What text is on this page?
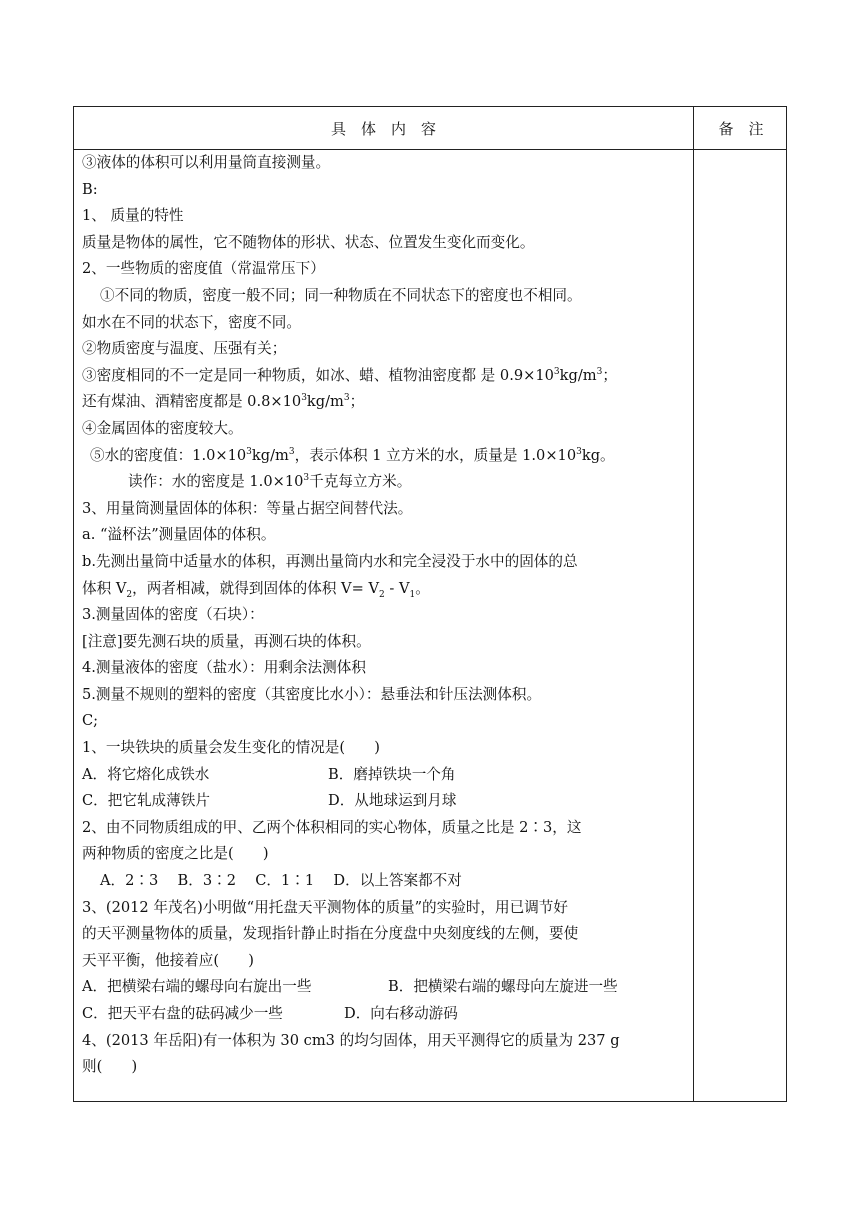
具　体　内　容	备　注
③液体的体积可以利用量筒直接测量。
B:
1、 质量的特性
质量是物体的属性，它不随物体的形状、状态、位置发生变化而变化。
2、一些物质的密度值（常温常压下）
①不同的物质，密度一般不同；同一种物质在不同状态下的密度也不相同。
如水在不同的状态下，密度不同。
②物质密度与温度、压强有关；
③密度相同的不一定是同一种物质，如冰、蜡、植物油密度都 是 $0.9\times 10^3kg/m^3$；
还有煤油、酒精密度都是 $0.8\times 10^3kg/m^3$；
④金属固体的密度较大。
⑤水的密度值：$1.0\times 10^3kg/m^3$，表示体积 1 立方米的水，质量是 $1.0\times 10^3kg$。
读作：水的密度是 $1.0\times 10^3$千克每立方米。
3、用量筒测量固体的体积：等量占据空间替代法。
a. “溢杯法”测量固体的体积。
b.先测出量筒中适量水的体积，再测出量筒内水和完全浸没于水中的固体的总
体积 $V_2$，两者相减，就得到固体的体积 $V= V_2 - V_1$。
3.测量固体的密度（石块）：
[注意]要先测石块的质量，再测石块的体积。
4.测量液体的密度（盐水）：用剩余法测体积
5.测量不规则的塑料的密度（其密度比水小）：悬垂法和针压法测体积。
C;
1、一块铁块的质量会发生变化的情况是(　　)
A．将它熔化成铁水	B．磨掉铁块一个角
C．把它轧成薄铁片	D．从地球运到月球
2、由不同物质组成的甲、乙两个体积相同的实心物体，质量之比是 2∶3，这
两种物质的密度之比是(　　)
A．2∶3　 B．3∶2　 C．1∶1　 D．以上答案都不对
3、(2012 年茂名)小明做“用托盘天平测物体的质量”的实验时，用已调节好
的天平测量物体的质量，发现指针静止时指在分度盘中央刻度线的左侧，要使
天平平衡，他接着应(　　)
A．把横梁右端的螺母向右旋出一些	B．把横梁右端的螺母向左旋进一些
C．把天平右盘的砝码减少一些	D．向右移动游码
4、(2013 年岳阳)有一体积为 30 cm3 的均匀固体，用天平测得它的质量为 237 g
则(　　)
